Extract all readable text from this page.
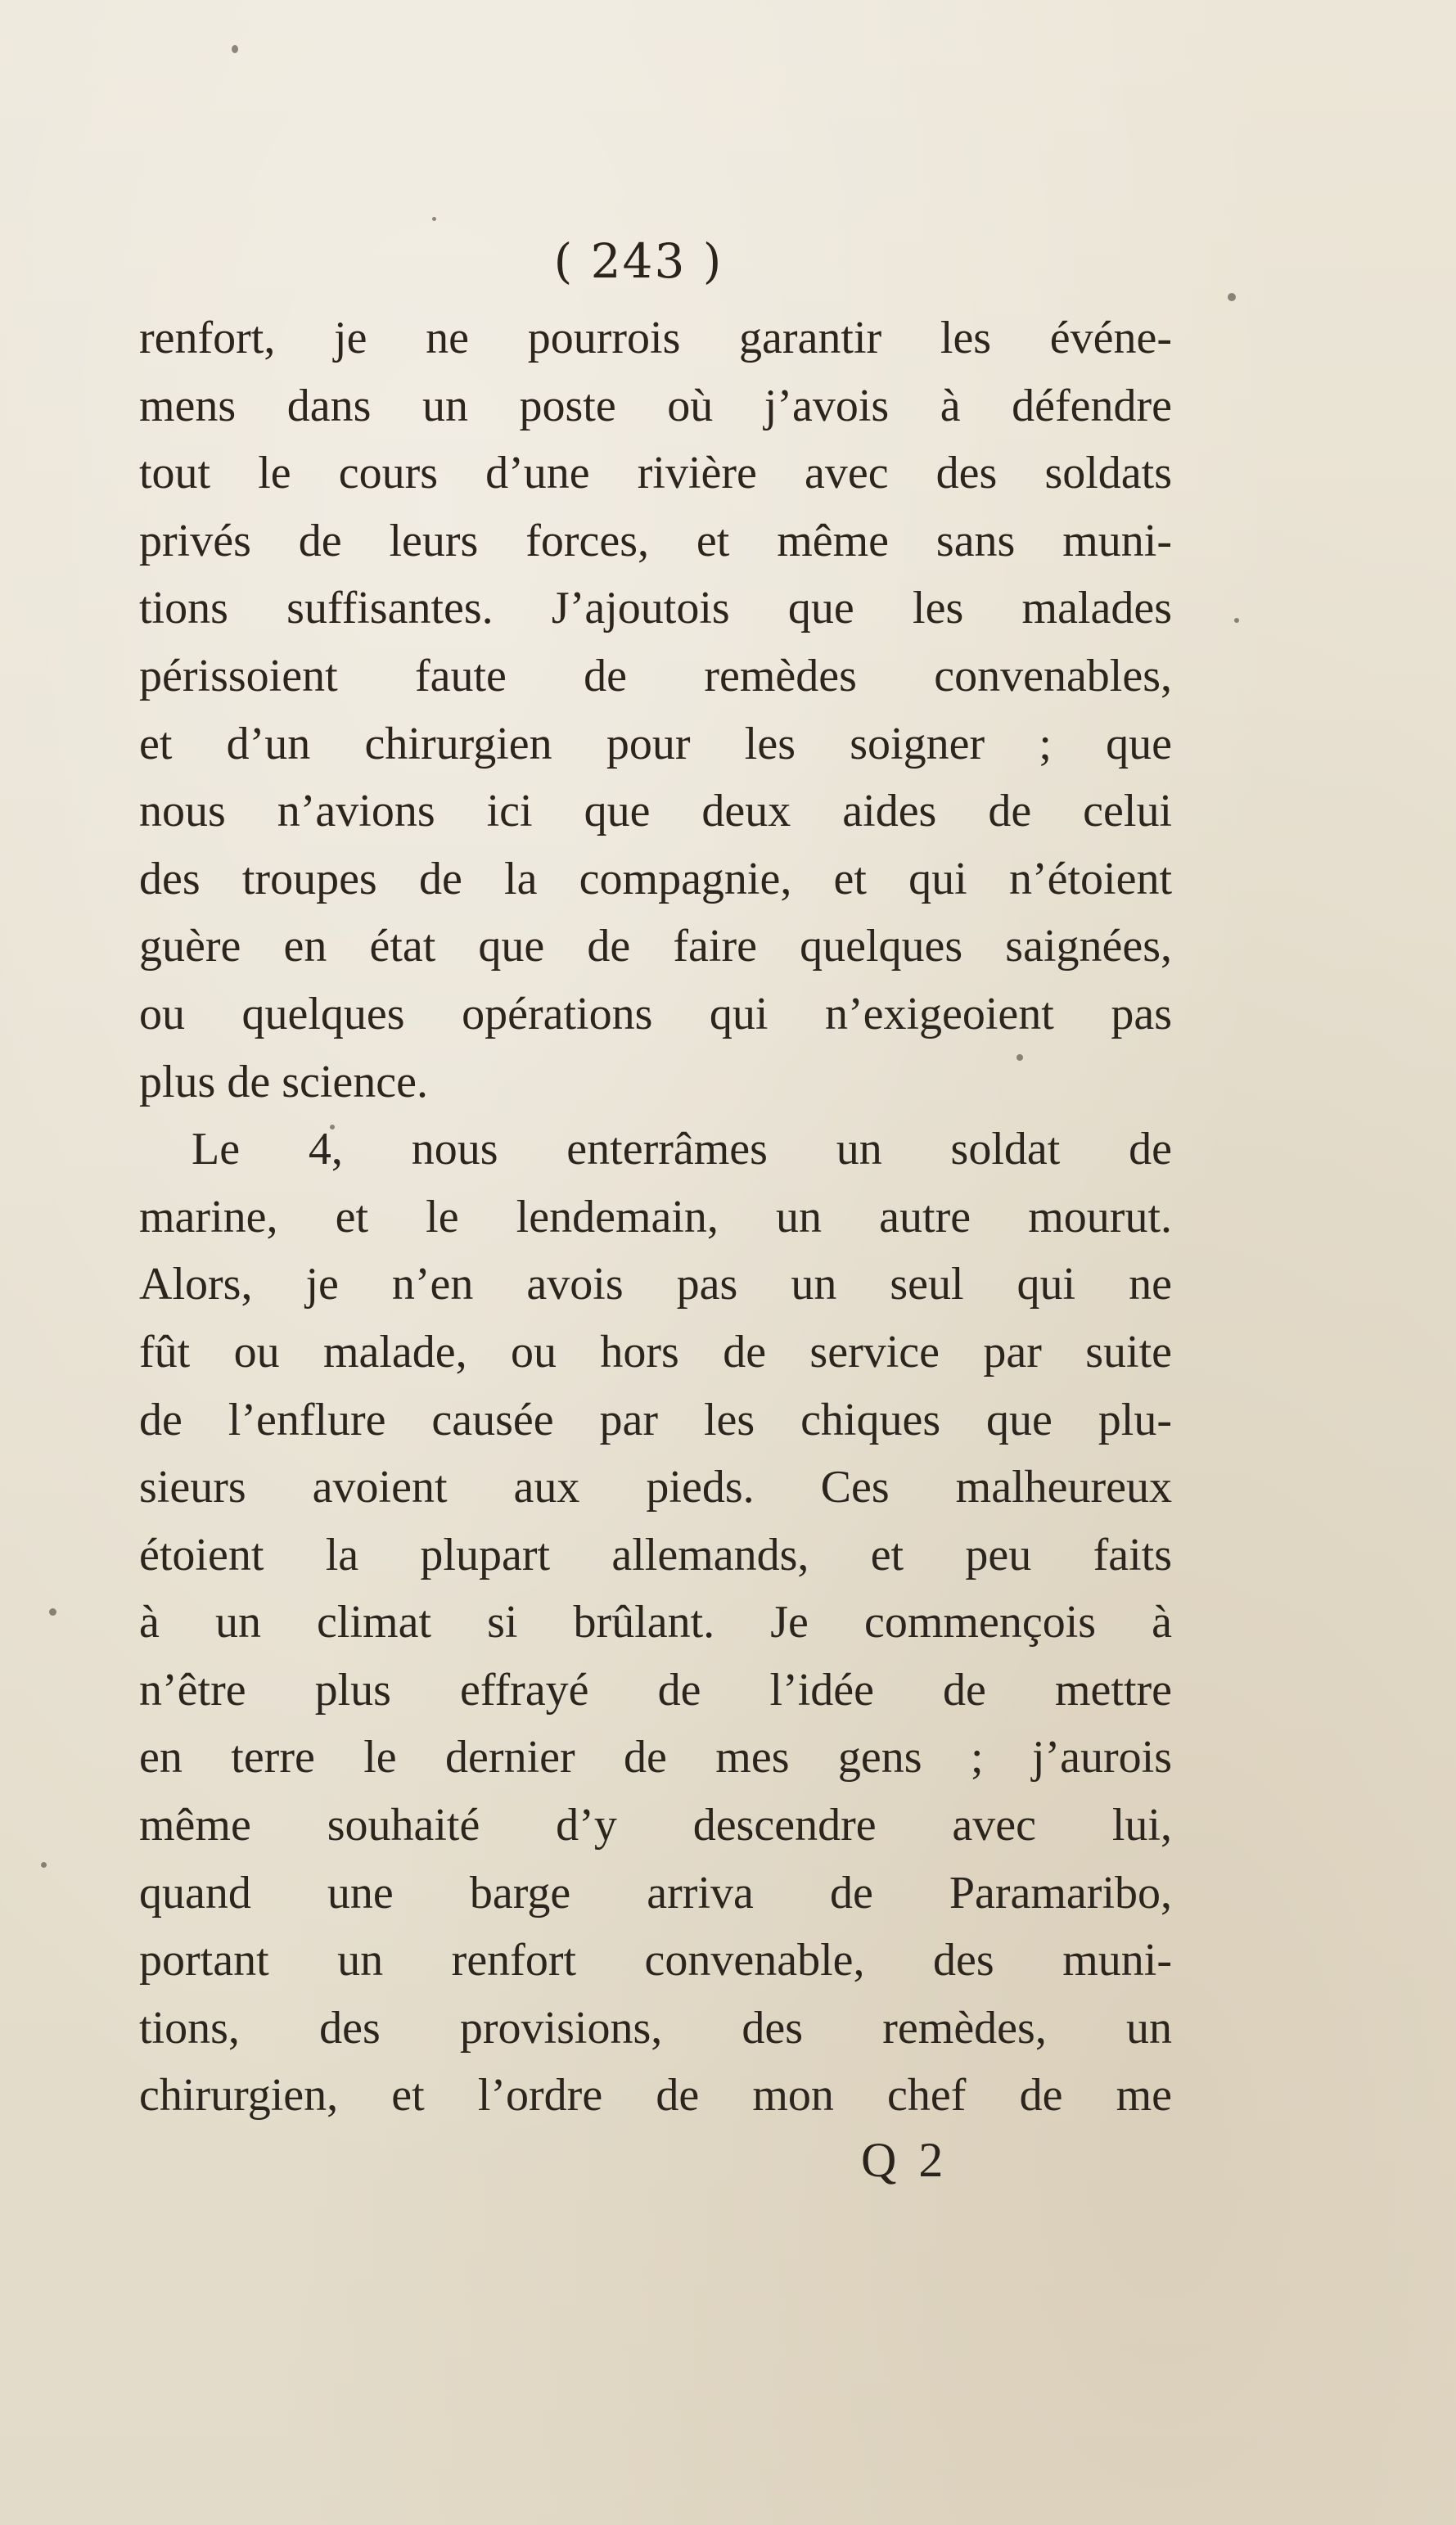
( 243 )
renfort, je ne pourrois garantir les événe-
mens dans un poste où j’avois à défendre
tout le cours d’une rivière avec des soldats
privés de leurs forces, et même sans muni-
tions suffisantes. J’ajoutois que les malades
périssoient faute de remèdes convenables,
et d’un chirurgien pour les soigner ; que
nous n’avions ici que deux aides de celui
des troupes de la compagnie, et qui n’étoient
guère en état que de faire quelques saignées,
ou quelques opérations qui n’exigeoient pas
plus de science.
Le 4, nous enterrâmes un soldat de
marine, et le lendemain, un autre mourut.
Alors, je n’en avois pas un seul qui ne
fût ou malade, ou hors de service par suite
de l’enflure causée par les chiques que plu-
sieurs avoient aux pieds. Ces malheureux
étoient la plupart allemands, et peu faits
à un climat si brûlant. Je commençois à
n’être plus effrayé de l’idée de mettre
en terre le dernier de mes gens ; j’aurois
même souhaité d’y descendre avec lui,
quand une barge arriva de Paramaribo,
portant un renfort convenable, des muni-
tions, des provisions, des remèdes, un
chirurgien, et l’ordre de mon chef de me
Q 2
